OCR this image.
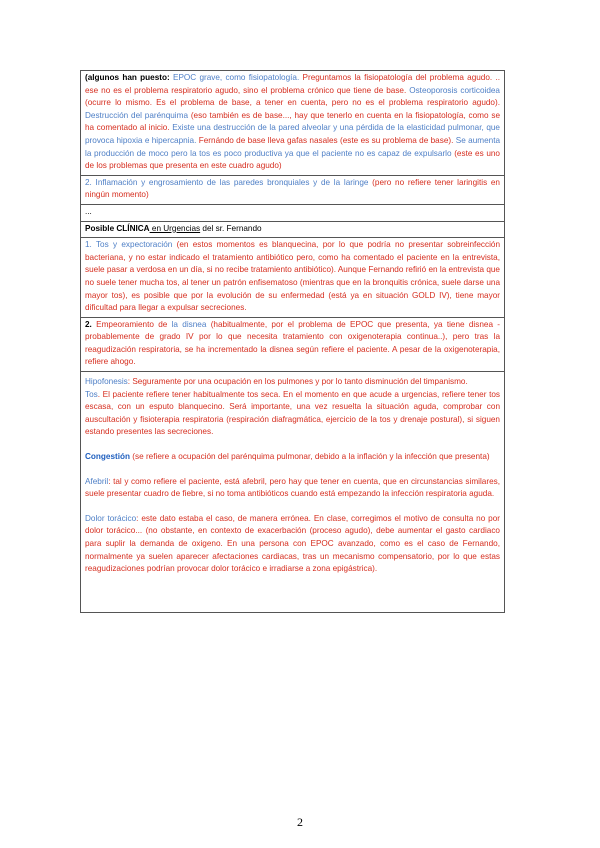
(algunos han puesto: EPOC grave, como fisiopatología. Preguntamos la fisiopatología del problema agudo. .. ese no es el problema respiratorio agudo, sino el problema crónico que tiene de base. Osteoporosis corticoidea (ocurre lo mismo. Es el problema de base, a tener en cuenta, pero no es el problema respiratorio agudo). Destrucción del parénquima (eso también es de base..., hay que tenerlo en cuenta en la fisiopatología, como se ha comentado al inicio. Existe una destrucción de la pared alveolar y una pérdida de la elasticidad pulmonar, que provoca hipoxia e hipercapnia. Fernándo de base lleva gafas nasales (este es su problema de base). Se aumenta la producción de moco pero la tos es poco productiva ya que el paciente no es capaz de expulsarlo (este es uno de los problemas que presenta en este cuadro agudo)
2. Inflamación y engrosamiento de las paredes bronquiales y de la laringe (pero no refiere tener laringitis en ningún momento)
...
Posible CLÍNICA en Urgencias del sr. Fernando
1. Tos y expectoración (en estos momentos es blanquecina, por lo que podría no presentar sobreinfección bacteriana, y no estar indicado el tratamiento antibiótico pero, como ha comentado el paciente en la entrevista, suele pasar a verdosa en un día, si no recibe tratamiento antibiótico). Aunque Fernando refirió en la entrevista que no suele tener mucha tos, al tener un patrón enfisematoso (mientras que en la bronquitis crónica, suele darse una mayor tos), es posible que por la evolución de su enfermedad (está ya en situación GOLD IV), tiene mayor dificultad para llegar a expulsar secreciones.
2. Empeoramiento de la disnea (habitualmente, por el problema de EPOC que presenta, ya tiene disnea -probablemente de grado IV por lo que necesita tratamiento con oxigenoterapia continua..), pero tras la reagudización respiratoria, se ha incrementado la disnea según refiere el paciente. A pesar de la oxigenoterapia, refiere ahogo.

Hipofonesis: Seguramente por una ocupación en los pulmones y por lo tanto disminución del timpanismo.

Tos. El paciente refiere tener habitualmente tos seca. En el momento en que acude a urgencias, refiere tener tos escasa, con un esputo blanquecino. Será importante, una vez resuelta la situación aguda, comprobar con auscultación y fisioterapia respiratoria (respiración diafragmática, ejercicio de la tos y drenaje postural), si siguen estando presentes las secreciones.

Congestión (se refiere a ocupación del parénquima pulmonar, debido a la inflación y la infección que presenta)

Afebril: tal y como refiere el paciente, está afebril, pero hay que tener en cuenta, que en circunstancias similares, suele presentar cuadro de fiebre, si no toma antibióticos cuando está empezando la infección respiratoria aguda.

Dolor torácico: este dato estaba el caso, de manera errónea. En clase, corregimos el motivo de consulta no por dolor torácico... (no obstante, en contexto de exacerbación (proceso agudo), debe aumentar el gasto cardiaco para suplir la demanda de oxigeno. En una persona con EPOC avanzado, como es el caso de Fernando, normalmente ya suelen aparecer afectaciones cardiacas, tras un mecanismo compensatorio, por lo que estas reagudizaciones podrían provocar dolor torácico e irradiarse a zona epigástrica).

2
